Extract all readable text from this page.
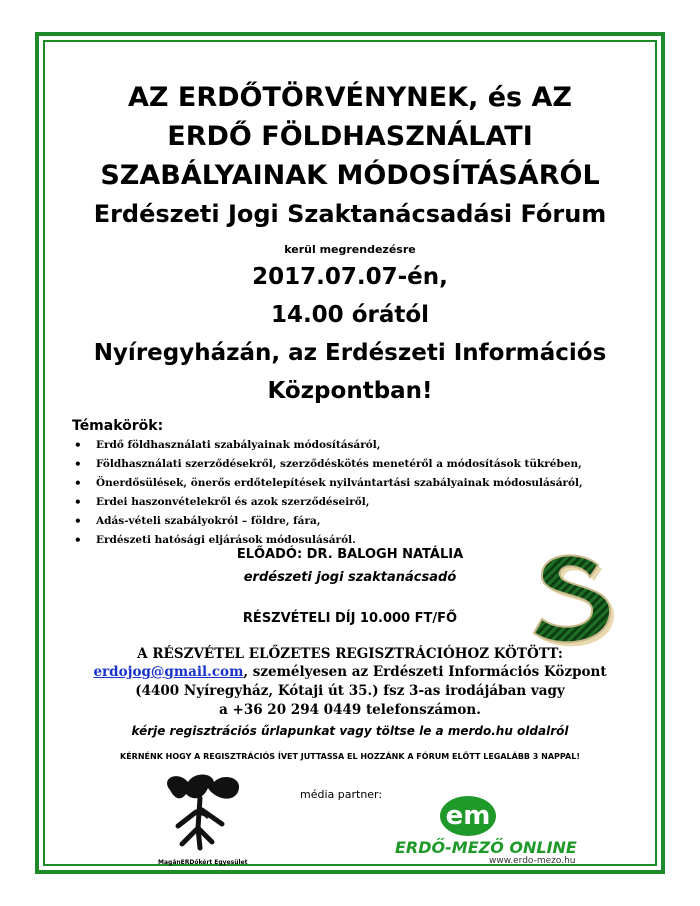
AZ ERDŐTÖRVÉNYNEK, és AZ
ERDŐ FÖLDHASZNÁLATI
SZABÁLYAINAK MÓDOSÍTÁSÁRÓL
Erdészeti Jogi Szaktanácsadási Fórum
kerül megrendezésre
2017.07.07-én,
14.00 órától
Nyíregyházán, az Erdészeti Információs
Központban!
Témakörök:
• Erdő földhasználati szabályainak módosításáról,
• Földhasználati szerződésekről, szerződéskötés menetéről a módosítások tükrében,
• Önerdősülések, önerős erdőtelepítések nyilvántartási szabályainak módosulásáról,
• Erdei haszonvételekről és azok szerződéseiről,
• Adás-vételi szabályokról – földre, fára,
• Erdészeti hatósági eljárások módosulásáról.
ELŐADÓ: DR. BALOGH NATÁLIA
erdészeti jogi szaktanácsadó
RÉSZVÉTELI DÍJ 10.000 FT/FŐ
A RÉSZVÉTEL ELŐZETES REGISZTRÁCIÓHOZ KÖTÖTT:
erdojog@gmail.com, személyesen az Erdészeti Információs Központ
(4400 Nyíregyház, Kótaji út 35.) fsz 3-as irodájában vagy
a +36 20 294 0449 telefonszámon.
kérje regisztrációs űrlapunkat vagy töltse le a merdo.hu oldalról
KÉRNÉNK HOGY A REGISZTRÁCIÓS ÍVET JUTTASSA EL HOZZÁNK A FÓRUM ELŐTT LEGALÁBB 3 NAPPAL!
MagánERDőkért Egyesület
média partner:
em
ERDŐ-MEZŐ ONLINE
www.erdo-mezo.hu
